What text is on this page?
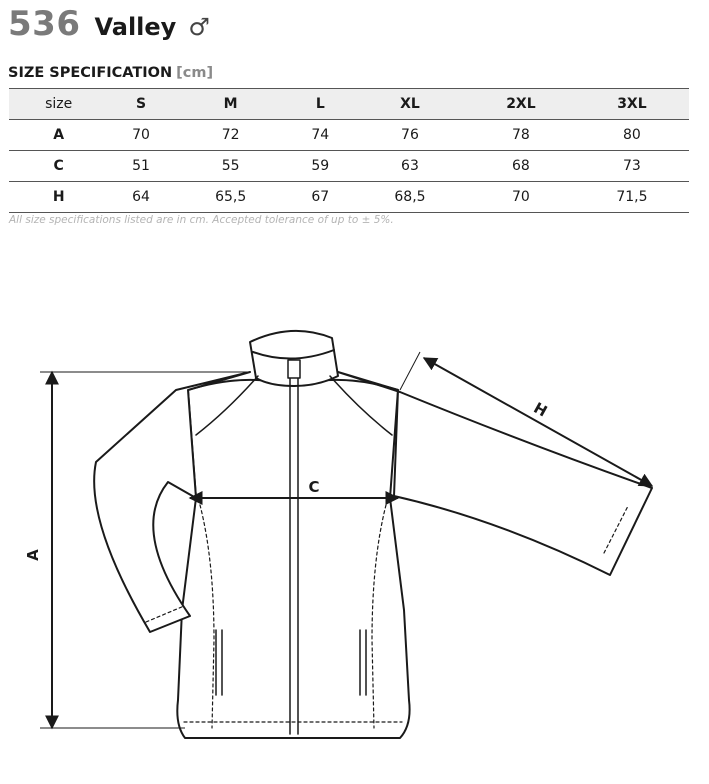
536 Valley ♂
SIZE SPECIFICATION [cm]
size	S	M	L	XL	2XL	3XL
A	70	72	74	76	78	80
C	51	55	59	63	68	73
H	64	65,5	67	68,5	70	71,5
All size specifications listed are in cm. Accepted tolerance of up to ± 5%.
A
C
H
